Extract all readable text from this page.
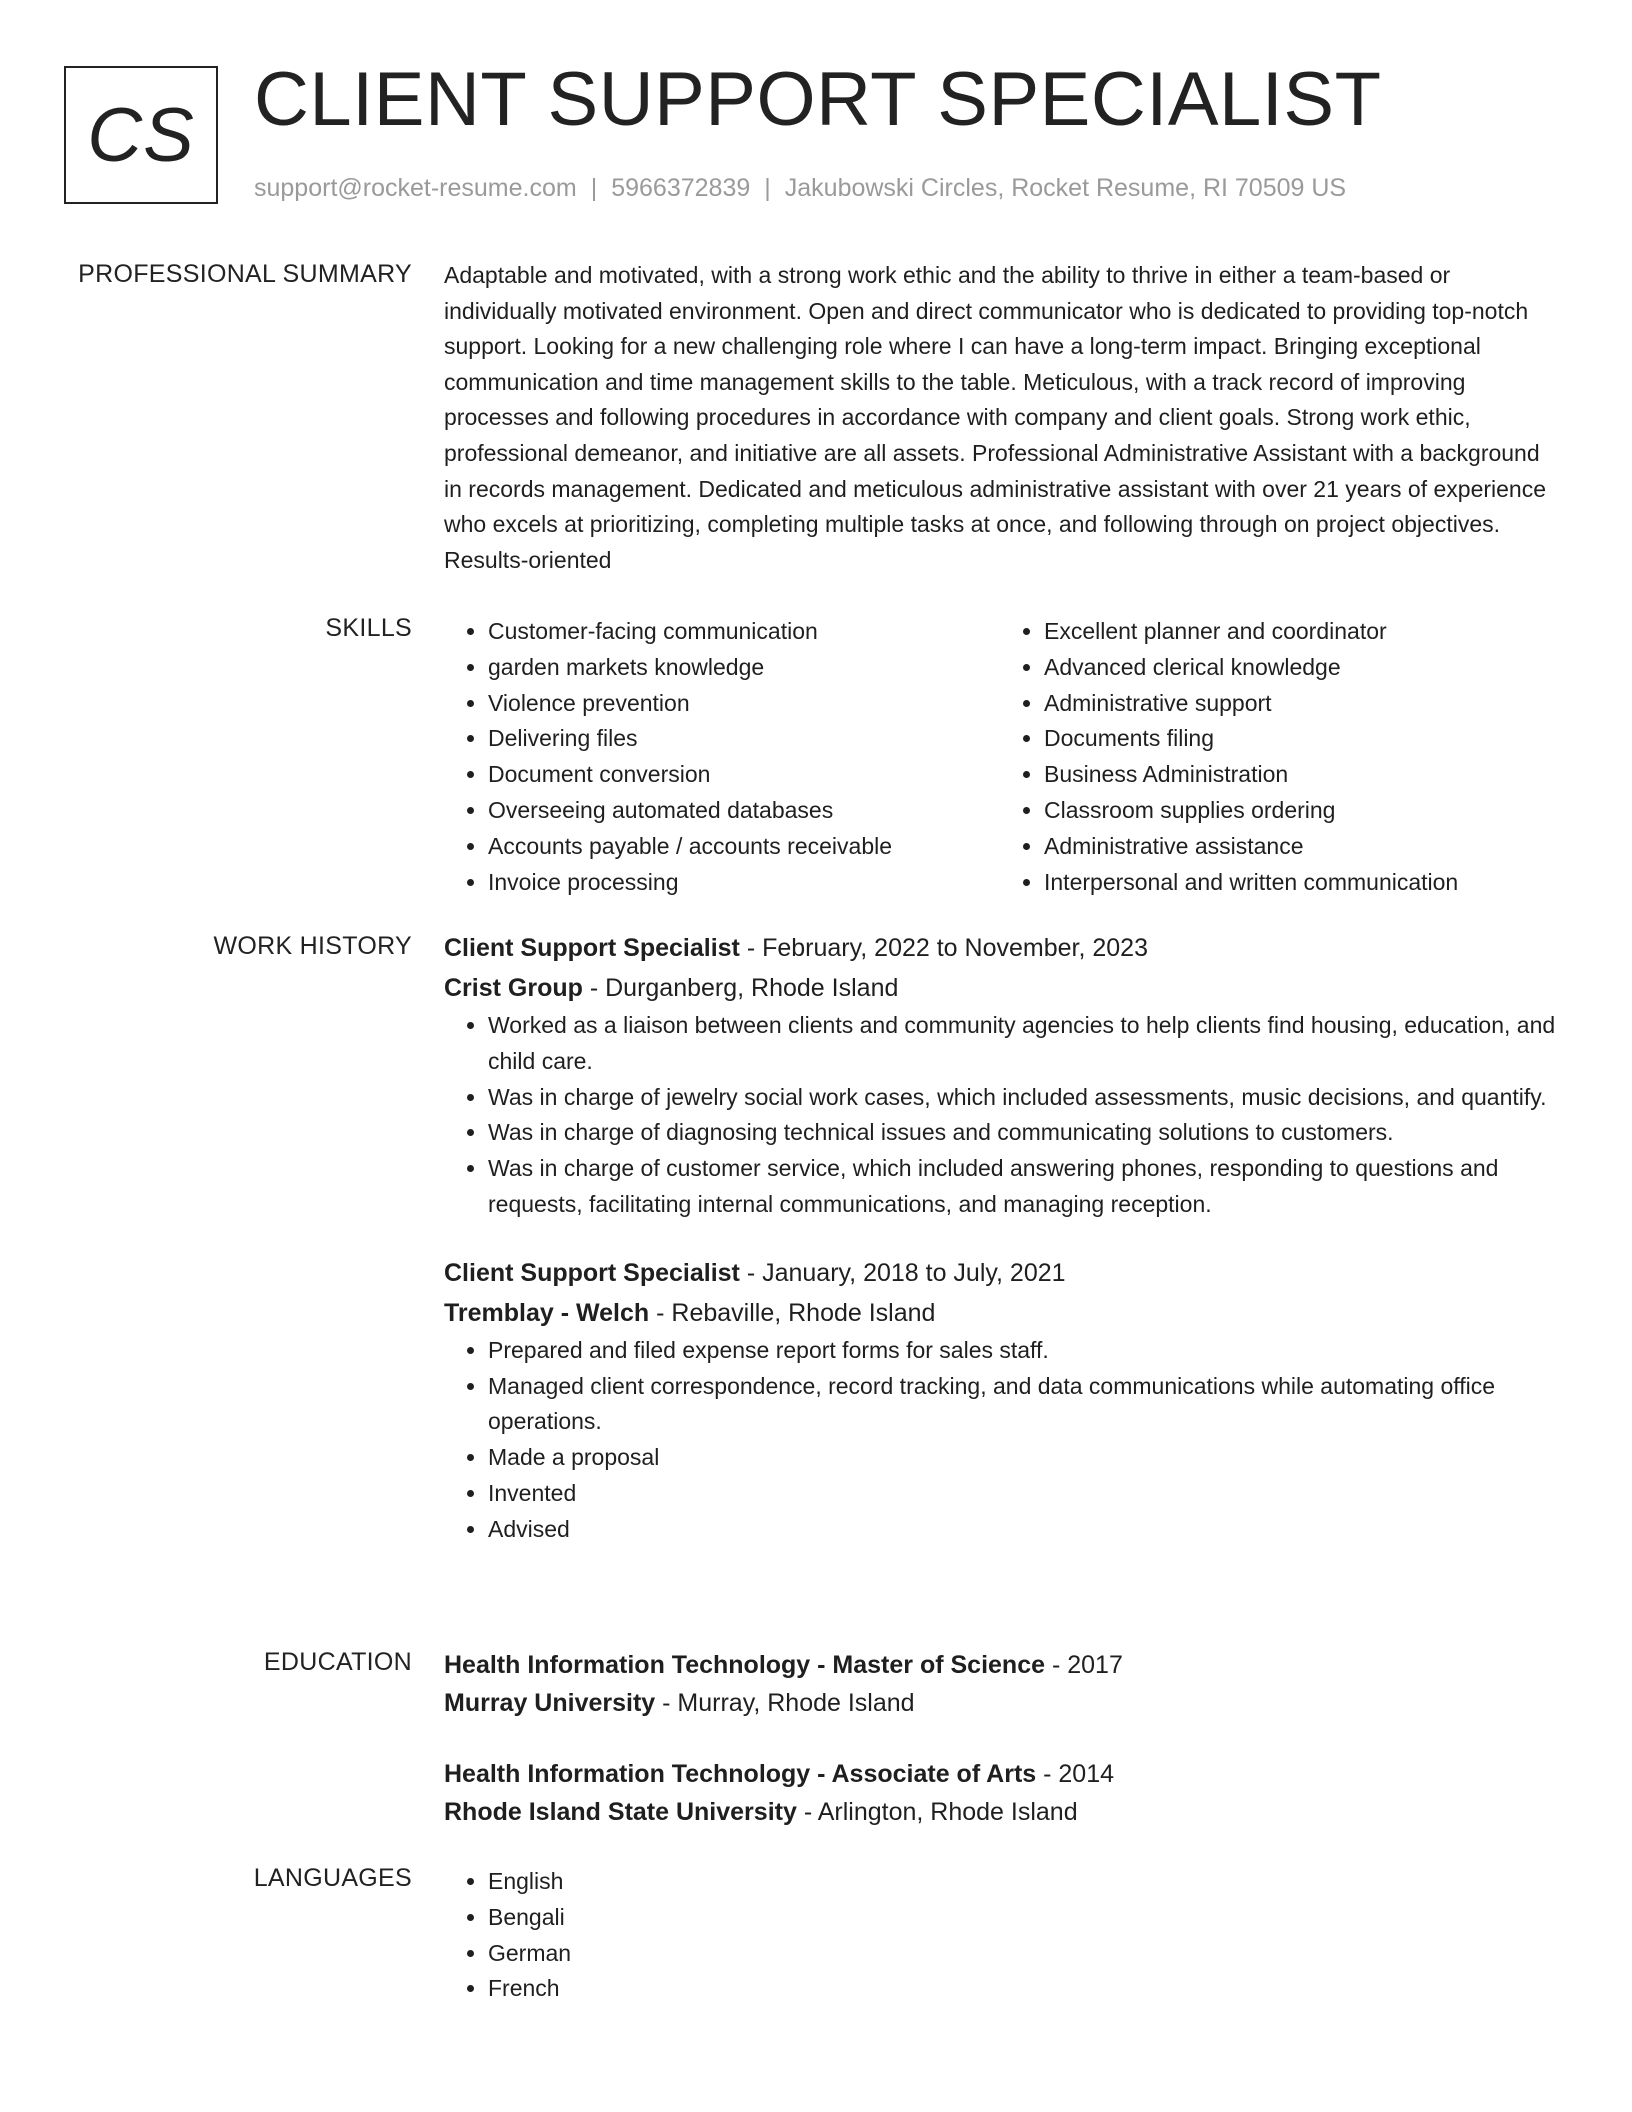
CS CLIENT SUPPORT SPECIALIST
support@rocket-resume.com | 5966372839 | Jakubowski Circles, Rocket Resume, RI 70509 US
PROFESSIONAL SUMMARY Adaptable and motivated, with a strong work ethic and the ability to thrive in either a team-based or individually motivated environment. Open and direct communicator who is dedicated to providing top-notch support. Looking for a new challenging role where I can have a long-term impact. Bringing exceptional communication and time management skills to the table. Meticulous, with a track record of improving processes and following procedures in accordance with company and client goals. Strong work ethic, professional demeanor, and initiative are all assets. Professional Administrative Assistant with a background in records management. Dedicated and meticulous administrative assistant with over 21 years of experience who excels at prioritizing, completing multiple tasks at once, and following through on project objectives. Results-oriented

SKILLS	• Customer-facing communication
• garden markets knowledge
• Violence prevention
• Delivering files
• Document conversion
• Overseeing automated databases
• Accounts payable / accounts receivable
• Invoice processing
• Excellent planner and coordinator
• Advanced clerical knowledge
• Administrative support
• Documents filing
• Business Administration
• Classroom supplies ordering
• Administrative assistance
• Interpersonal and written communication
WORK HISTORY Client Support Specialist - February, 2022 to November, 2023
Crist Group - Durganberg, Rhode Island
• Worked as a liaison between clients and community agencies to help clients find housing, education, and child care.
• Was in charge of jewelry social work cases, which included assessments, music decisions, and quantify.
• Was in charge of diagnosing technical issues and communicating solutions to customers.
• Was in charge of customer service, which included answering phones, responding to questions and requests, facilitating internal communications, and managing reception.
Client Support Specialist - January, 2018 to July, 2021
Tremblay - Welch - Rebaville, Rhode Island
• Prepared and filed expense report forms for sales staff.
• Managed client correspondence, record tracking, and data communications while automating office operations.
• Made a proposal
• Invented
• Advised
EDUCATION Health Information Technology - Master of Science - 2017
Murray University - Murray, Rhode Island
Health Information Technology - Associate of Arts - 2014
Rhode Island State University - Arlington, Rhode Island
LANGUAGES	• English
• Bengali
• German
• French
